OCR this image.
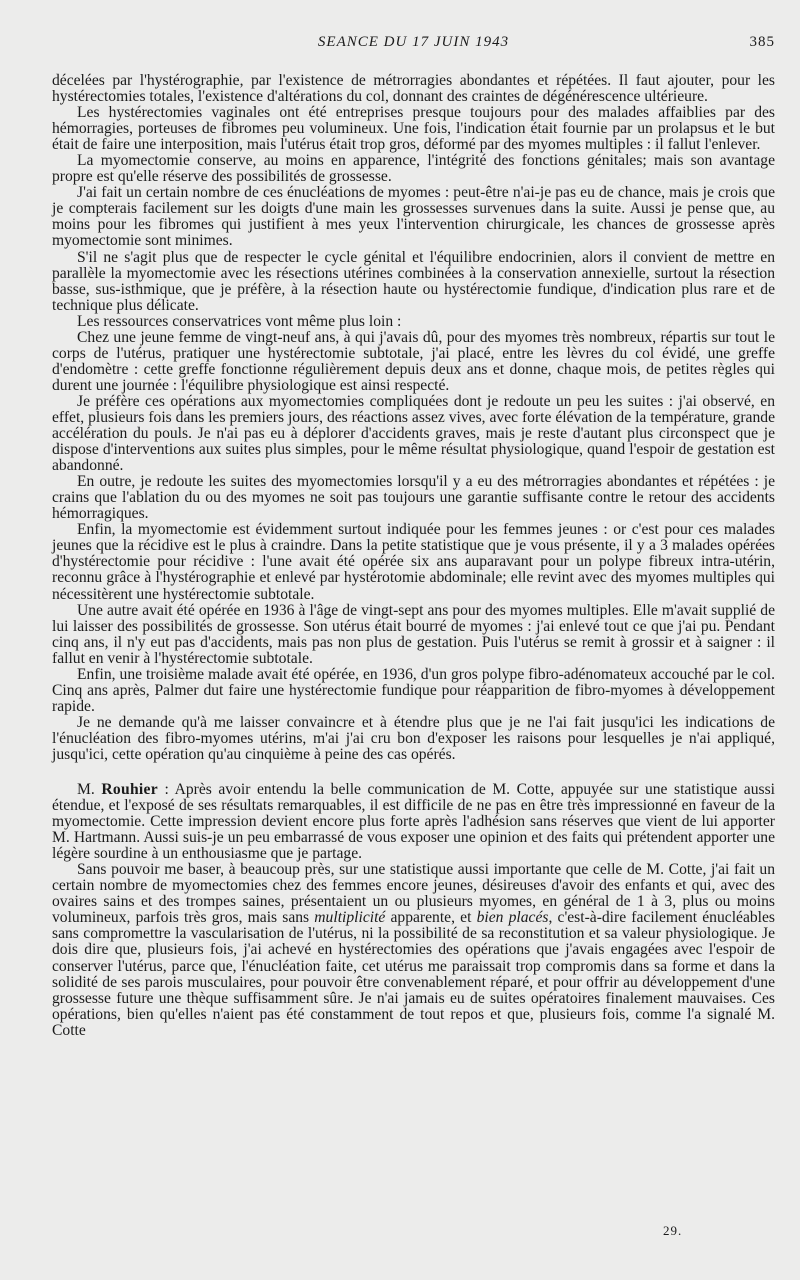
SEANCE DU 17 JUIN 1943	385

décelées par l'hystérographie, par l'existence de métrorragies abondantes et répétées. Il faut ajouter, pour les hystérectomies totales, l'existence d'altérations du col, donnant des craintes de dégénérescence ultérieure.

Les hystérectomies vaginales ont été entreprises presque toujours pour des malades affaiblies par des hémorragies, porteuses de fibromes peu volumineux. Une fois, l'indication était fournie par un prolapsus et le but était de faire une interposition, mais l'utérus était trop gros, déformé par des myomes multiples : il fallut l'enlever.

La myomectomie conserve, au moins en apparence, l'intégrité des fonctions génitales; mais son avantage propre est qu'elle réserve des possibilités de grossesse.

J'ai fait un certain nombre de ces énucléations de myomes : peut-être n'ai-je pas eu de chance, mais je crois que je compterais facilement sur les doigts d'une main les grossesses survenues dans la suite. Aussi je pense que, au moins pour les fibromes qui justifient à mes yeux l'intervention chirurgicale, les chances de grossesse après myomectomie sont minimes.

S'il ne s'agit plus que de respecter le cycle génital et l'équilibre endocrinien, alors il convient de mettre en parallèle la myomectomie avec les résections utérines combinées à la conservation annexielle, surtout la résection basse, sus-isthmique, que je préfère, à la résection haute ou hystérectomie fundique, d'indication plus rare et de technique plus délicate.

Les ressources conservatrices vont même plus loin :

Chez une jeune femme de vingt-neuf ans, à qui j'avais dû, pour des myomes très nombreux, répartis sur tout le corps de l'utérus, pratiquer une hystérectomie subtotale, j'ai placé, entre les lèvres du col évidé, une greffe d'endomètre : cette greffe fonctionne régulièrement depuis deux ans et donne, chaque mois, de petites règles qui durent une journée : l'équilibre physiologique est ainsi respecté.

Je préfère ces opérations aux myomectomies compliquées dont je redoute un peu les suites : j'ai observé, en effet, plusieurs fois dans les premiers jours, des réactions assez vives, avec forte élévation de la température, grande accélération du pouls. Je n'ai pas eu à déplorer d'accidents graves, mais je reste d'autant plus circonspect que je dispose d'interventions aux suites plus simples, pour le même résultat physiologique, quand l'espoir de gestation est abandonné.

En outre, je redoute les suites des myomectomies lorsqu'il y a eu des métrorragies abondantes et répétées : je crains que l'ablation du ou des myomes ne soit pas toujours une garantie suffisante contre le retour des accidents hémorragiques.

Enfin, la myomectomie est évidemment surtout indiquée pour les femmes jeunes : or c'est pour ces malades jeunes que la récidive est le plus à craindre. Dans la petite statistique que je vous présente, il y a 3 malades opérées d'hystérectomie pour récidive : l'une avait été opérée six ans auparavant pour un polype fibreux intra-utérin, reconnu grâce à l'hystérographie et enlevé par hystérotomie abdominale; elle revint avec des myomes multiples qui nécessitèrent une hystérectomie subtotale.

Une autre avait été opérée en 1936 à l'âge de vingt-sept ans pour des myomes multiples. Elle m'avait supplié de lui laisser des possibilités de grossesse. Son utérus était bourré de myomes : j'ai enlevé tout ce que j'ai pu. Pendant cinq ans, il n'y eut pas d'accidents, mais pas non plus de gestation. Puis l'utérus se remit à grossir et à saigner : il fallut en venir à l'hystérectomie subtotale.

Enfin, une troisième malade avait été opérée, en 1936, d'un gros polype fibro-adénomateux accouché par le col. Cinq ans après, Palmer dut faire une hystérectomie fundique pour réapparition de fibro-myomes à développement rapide.

Je ne demande qu'à me laisser convaincre et à étendre plus que je ne l'ai fait jusqu'ici les indications de l'énucléation des fibro-myomes utérins, m'ai j'ai cru bon d'exposer les raisons pour lesquelles je n'ai appliqué, jusqu'ici, cette opération qu'au cinquième à peine des cas opérés.

M. Rouhier : Après avoir entendu la belle communication de M. Cotte, appuyée sur une statistique aussi étendue, et l'exposé de ses résultats remarquables, il est difficile de ne pas en être très impressionné en faveur de la myomectomie. Cette impression devient encore plus forte après l'adhésion sans réserves que vient de lui apporter M. Hartmann. Aussi suis-je un peu embarrassé de vous exposer une opinion et des faits qui prétendent apporter une légère sourdine à un enthousiasme que je partage.

Sans pouvoir me baser, à beaucoup près, sur une statistique aussi importante que celle de M. Cotte, j'ai fait un certain nombre de myomectomies chez des femmes encore jeunes, désireuses d'avoir des enfants et qui, avec des ovaires sains et des trompes saines, présentaient un ou plusieurs myomes, en général de 1 à 3, plus ou moins volumineux, parfois très gros, mais sans multiplicité apparente, et bien placés, c'est-à-dire facilement énucléables sans compromettre la vascularisation de l'utérus, ni la possibilité de sa reconstitution et sa valeur physiologique. Je dois dire que, plusieurs fois, j'ai achevé en hystérectomies des opérations que j'avais engagées avec l'espoir de conserver l'utérus, parce que, l'énucléation faite, cet utérus me paraissait trop compromis dans sa forme et dans la solidité de ses parois musculaires, pour pouvoir être convenablement réparé, et pour offrir au développement d'une grossesse future une thèque suffisamment sûre. Je n'ai jamais eu de suites opératoires finalement mauvaises. Ces opérations, bien qu'elles n'aient pas été constamment de tout repos et que, plusieurs fois, comme l'a signalé M. Cotte

29.
